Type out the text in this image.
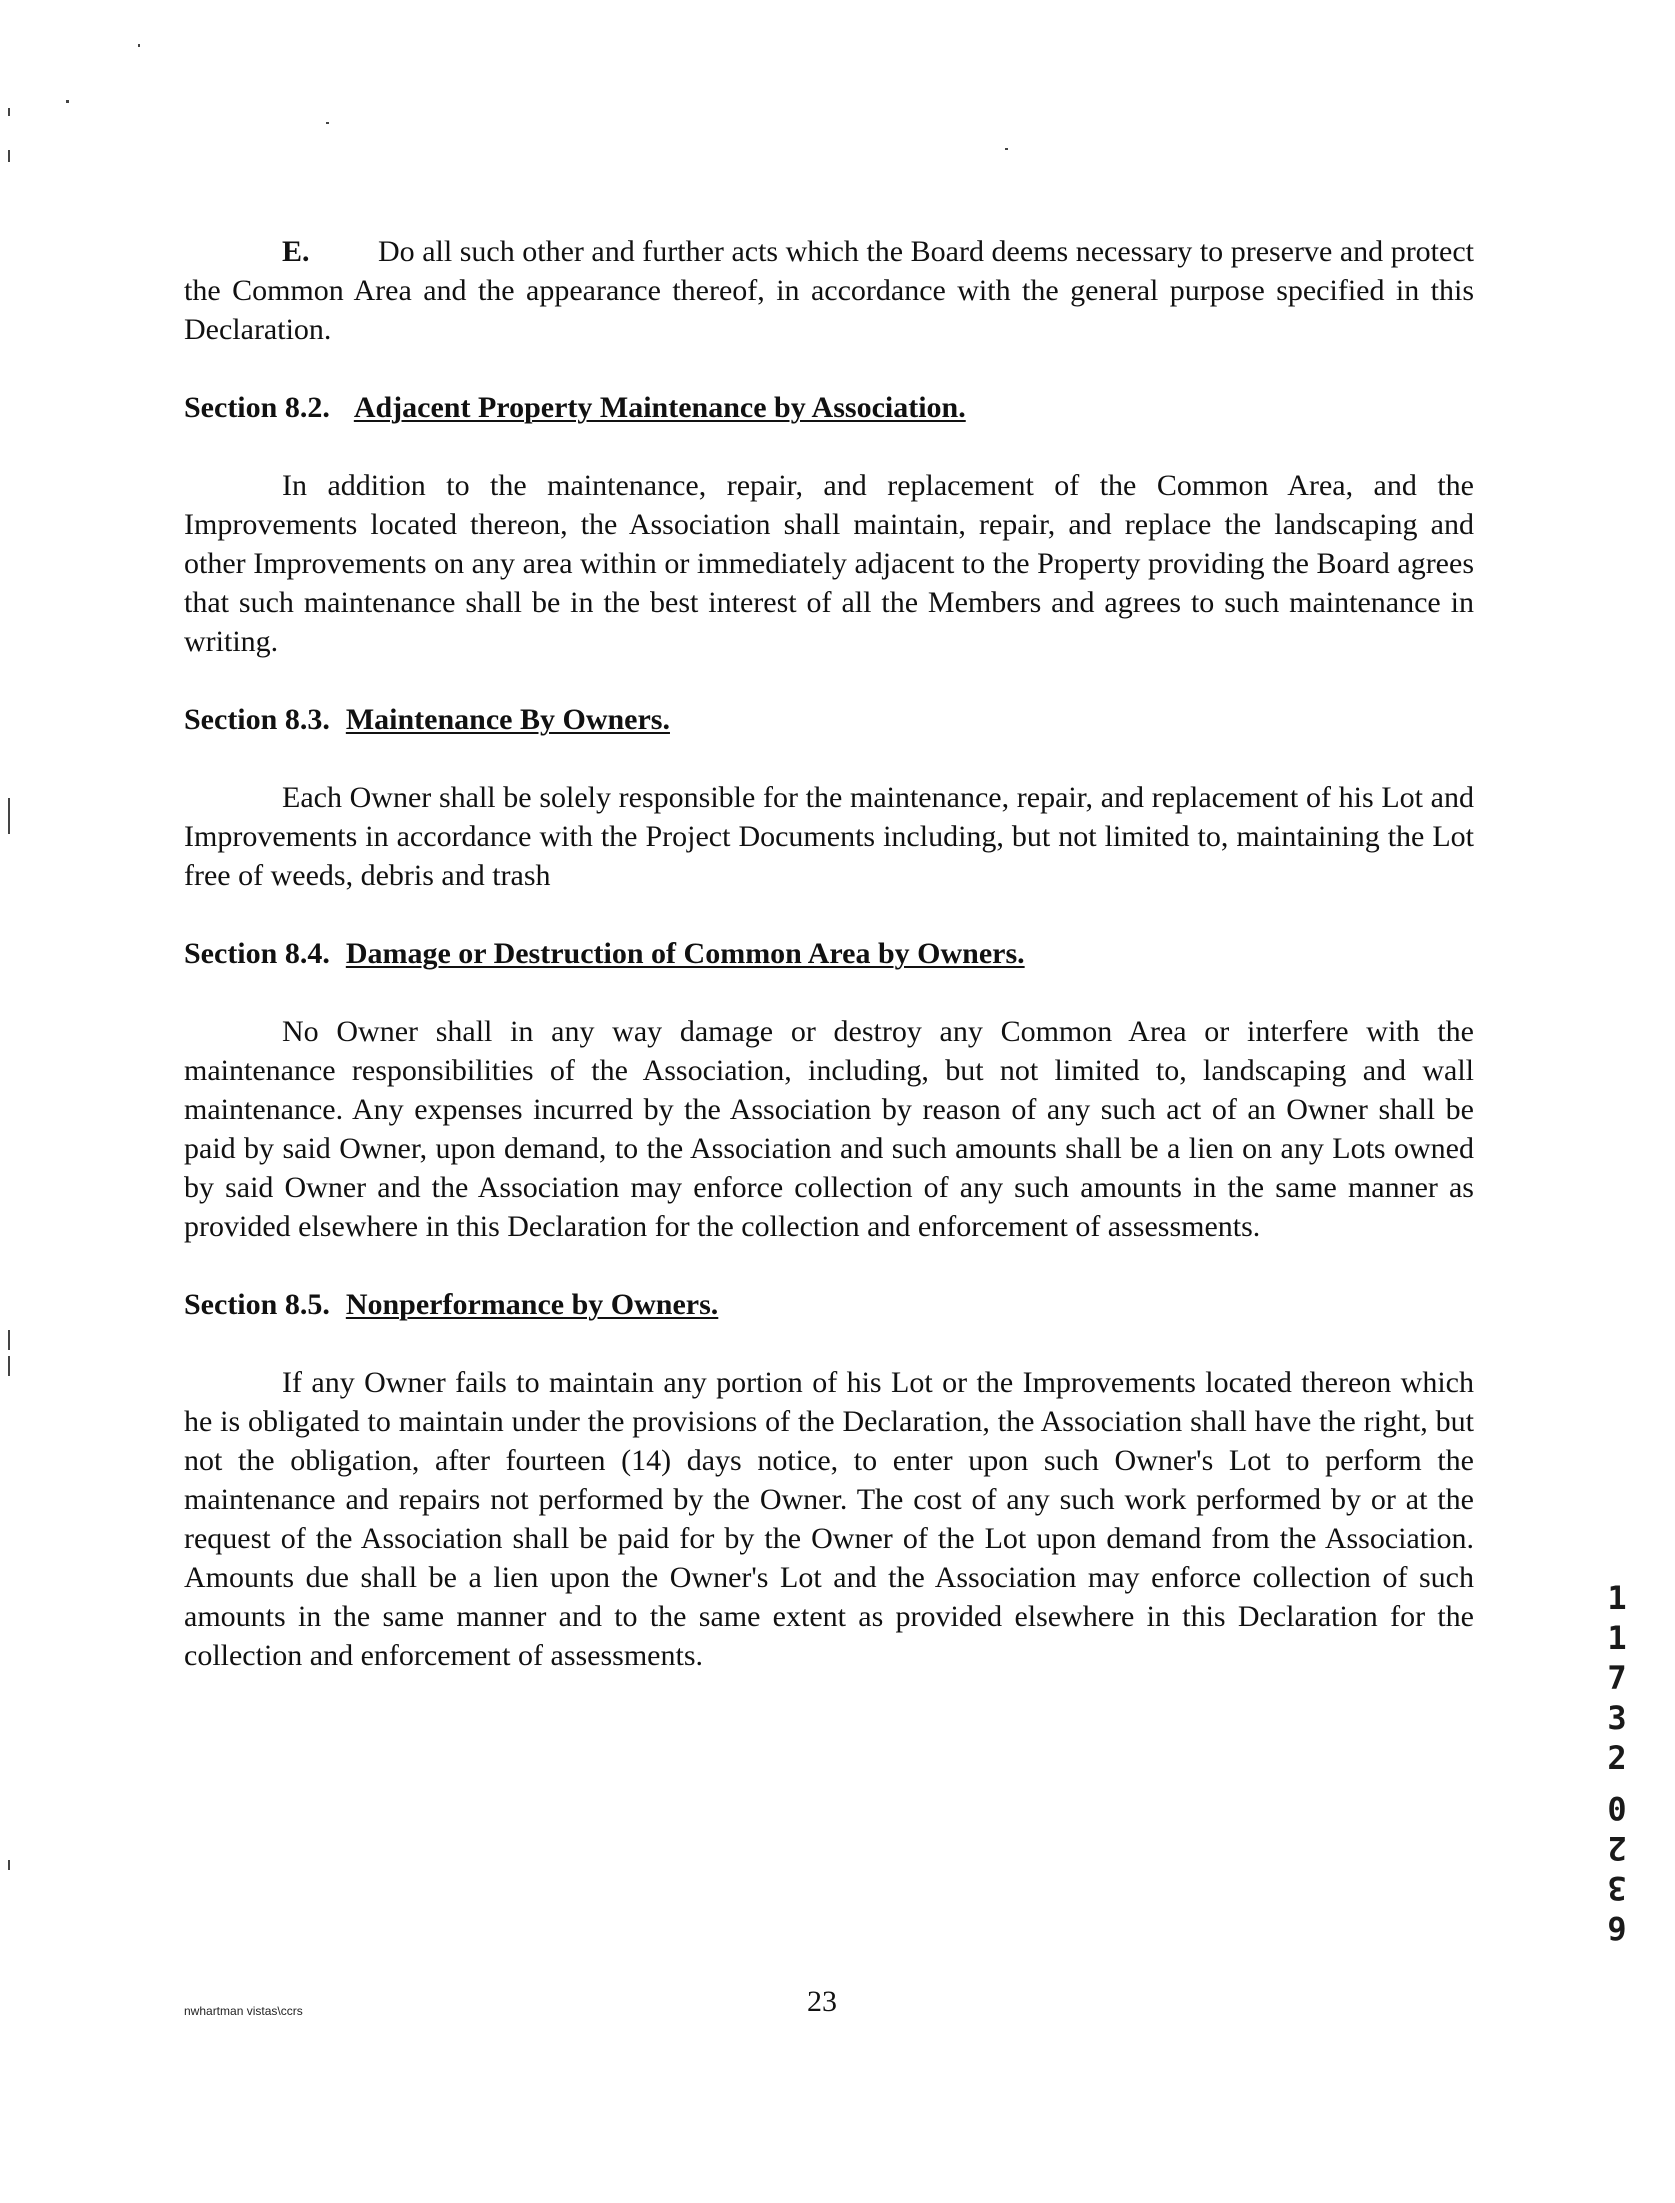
E. Do all such other and further acts which the Board deems necessary to preserve and protect the Common Area and the appearance thereof, in accordance with the general purpose specified in this Declaration.

Section 8.2. Adjacent Property Maintenance by Association.

In addition to the maintenance, repair, and replacement of the Common Area, and the Improvements located thereon, the Association shall maintain, repair, and replace the landscaping and other Improvements on any area within or immediately adjacent to the Property providing the Board agrees that such maintenance shall be in the best interest of all the Members and agrees to such maintenance in writing.

Section 8.3. Maintenance By Owners.

Each Owner shall be solely responsible for the maintenance, repair, and replacement of his Lot and Improvements in accordance with the Project Documents including, but not limited to, maintaining the Lot free of weeds, debris and trash

Section 8.4. Damage or Destruction of Common Area by Owners.

No Owner shall in any way damage or destroy any Common Area or interfere with the maintenance responsibilities of the Association, including, but not limited to, landscaping and wall maintenance. Any expenses incurred by the Association by reason of any such act of an Owner shall be paid by said Owner, upon demand, to the Association and such amounts shall be a lien on any Lots owned by said Owner and the Association may enforce collection of any such amounts in the same manner as provided elsewhere in this Declaration for the collection and enforcement of assessments.

Section 8.5. Nonperformance by Owners.

If any Owner fails to maintain any portion of his Lot or the Improvements located thereon which he is obligated to maintain under the provisions of the Declaration, the Association shall have the right, but not the obligation, after fourteen (14) days notice, to enter upon such Owner's Lot to perform the maintenance and repairs not performed by the Owner. The cost of any such work performed by or at the request of the Association shall be paid for by the Owner of the Lot upon demand from the Association. Amounts due shall be a lien upon the Owner's Lot and the Association may enforce collection of such amounts in the same manner and to the same extent as provided elsewhere in this Declaration for the collection and enforcement of assessments.

nwhartman vistas\ccrs	23
1
1
7
3
2
6
3
2
0
